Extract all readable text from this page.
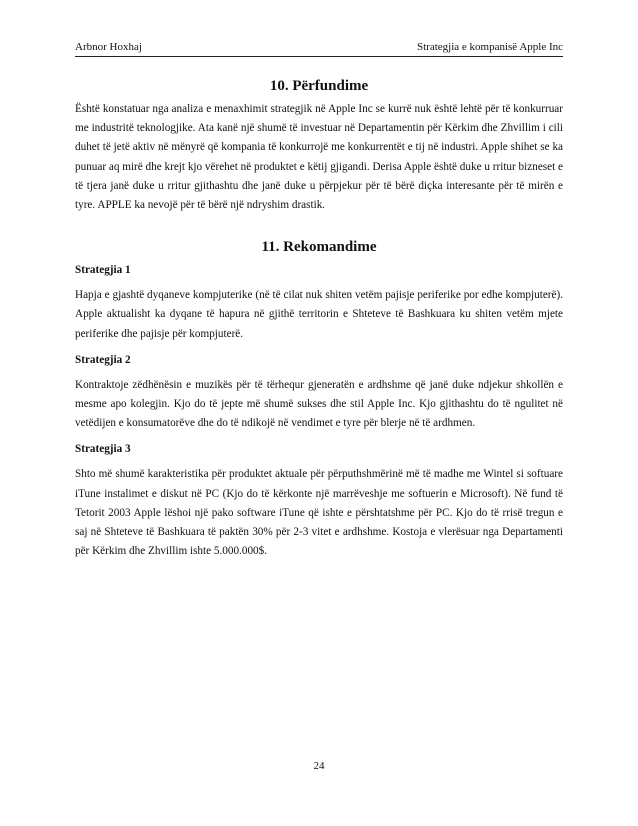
Arbnor Hoxhaj	Strategjia e kompanisë Apple Inc
10. Përfundime

Është konstatuar nga analiza e menaxhimit strategjik në Apple Inc se kurrë nuk është lehtë për të konkurruar me industritë teknologjike. Ata kanë një shumë të investuar në Departamentin për Kërkim dhe Zhvillim i cili duhet të jetë aktiv në mënyrë që kompania të konkurrojë me konkurrentët e tij në industri. Apple shihet se ka punuar aq mirë dhe krejt kjo vërehet në produktet e këtij gjigandi. Derisa Apple është duke u rritur bizneset e të tjera janë duke u rritur gjithashtu dhe janë duke u përpjekur për të bërë diçka interesante për të mirën e tyre. APPLE ka nevojë për të bërë një ndryshim drastik.

11. Rekomandime
Strategjia 1

Hapja e gjashtë dyqaneve kompjuterike (në të cilat nuk shiten vetëm pajisje periferike por edhe kompjuterë). Apple aktualisht ka dyqane të hapura në gjithë territorin e Shteteve të Bashkuara ku shiten vetëm mjete periferike dhe pajisje për kompjuterë.

Strategjia 2

Kontraktoje zëdhënësin e muzikës për të tërhequr gjeneratën e ardhshme që janë duke ndjekur shkollën e mesme apo kolegjin. Kjo do të jepte më shumë sukses dhe stil Apple Inc. Kjo gjithashtu do të ngulitet në vetëdijen e konsumatorëve dhe do të ndikojë në vendimet e tyre për blerje në të ardhmen.

Strategjia 3

Shto më shumë karakteristika për produktet aktuale për përputhshmërinë më të madhe me Wintel si softuare iTune instalimet e diskut në PC (Kjo do të kërkonte një marrëveshje me softuerin e Microsoft). Në fund të Tetorit 2003 Apple lëshoi një pako software iTune që ishte e përshtatshme për PC. Kjo do të rrisë tregun e saj në Shteteve të Bashkuara të paktën 30% për 2-3 vitet e ardhshme. Kostoja e vlerësuar nga Departamenti për Kërkim dhe Zhvillim ishte 5.000.000$.

24
